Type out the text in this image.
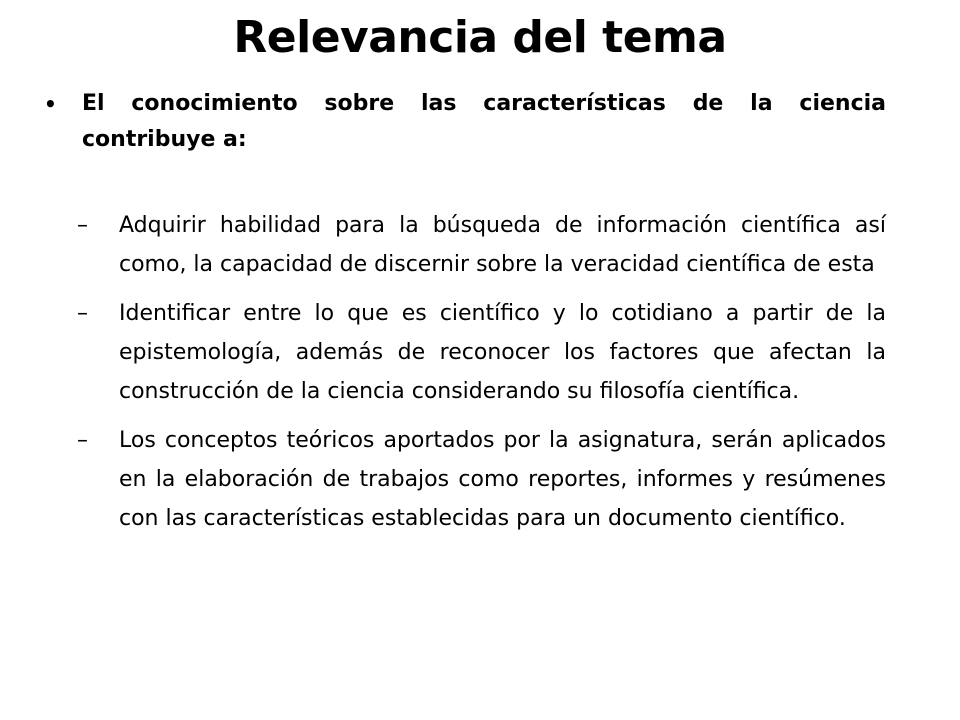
Relevancia del tema
• El conocimiento sobre las características de la ciencia contribuye a:
– Adquirir habilidad para la búsqueda de información científica así como, la capacidad de discernir sobre la veracidad científica de esta
– Identificar entre lo que es científico y lo cotidiano a partir de la epistemología, además de reconocer los factores que afectan la construcción de la ciencia considerando su filosofía científica.
– Los conceptos teóricos aportados por la asignatura, serán aplicados en la elaboración de trabajos como reportes, informes y resúmenes con las características establecidas para un documento científico.
